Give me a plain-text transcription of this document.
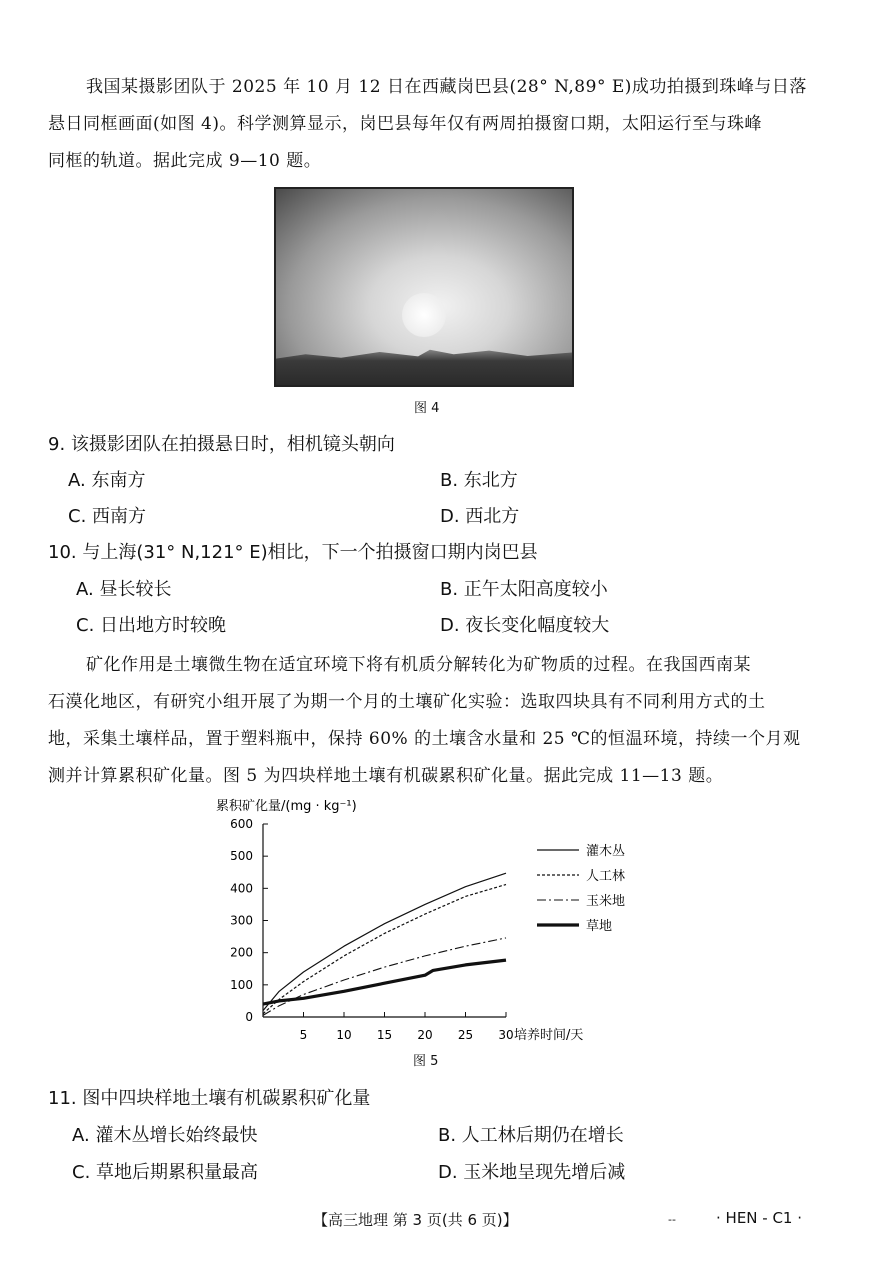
我国某摄影团队于 2025 年 10 月 12 日在西藏岗巴县(28° N,89° E)成功拍摄到珠峰与日落
悬日同框画面(如图 4)。科学测算显示，岗巴县每年仅有两周拍摄窗口期，太阳运行至与珠峰
同框的轨道。据此完成 9—10 题。
图 4
9. 该摄影团队在拍摄悬日时，相机镜头朝向
A. 东南方	B. 东北方
C. 西南方	D. 西北方
10. 与上海(31° N,121° E)相比，下一个拍摄窗口期内岗巴县
A. 昼长较长	B. 正午太阳高度较小
C. 日出地方时较晚	D. 夜长变化幅度较大
矿化作用是土壤微生物在适宜环境下将有机质分解转化为矿物质的过程。在我国西南某
石漠化地区，有研究小组开展了为期一个月的土壤矿化实验：选取四块具有不同利用方式的土
地，采集土壤样品，置于塑料瓶中，保持 60% 的土壤含水量和 25 ℃的恒温环境，持续一个月观
测并计算累积矿化量。图 5 为四块样地土壤有机碳累积矿化量。据此完成 11—13 题。
累积矿化量/(mg · kg⁻¹)
培养时间/天
0
100
200
300
400
500
600
5 10 15 20 25 30
灌木丛
人工林
玉米地
草地
图 5
11. 图中四块样地土壤有机碳累积矿化量
A. 灌木丛增长始终最快	B. 人工林后期仍在增长
C. 草地后期累积量最高	D. 玉米地呈现先增后减
【高三地理 第 3 页(共 6 页)】	--	· HEN - C1 ·
